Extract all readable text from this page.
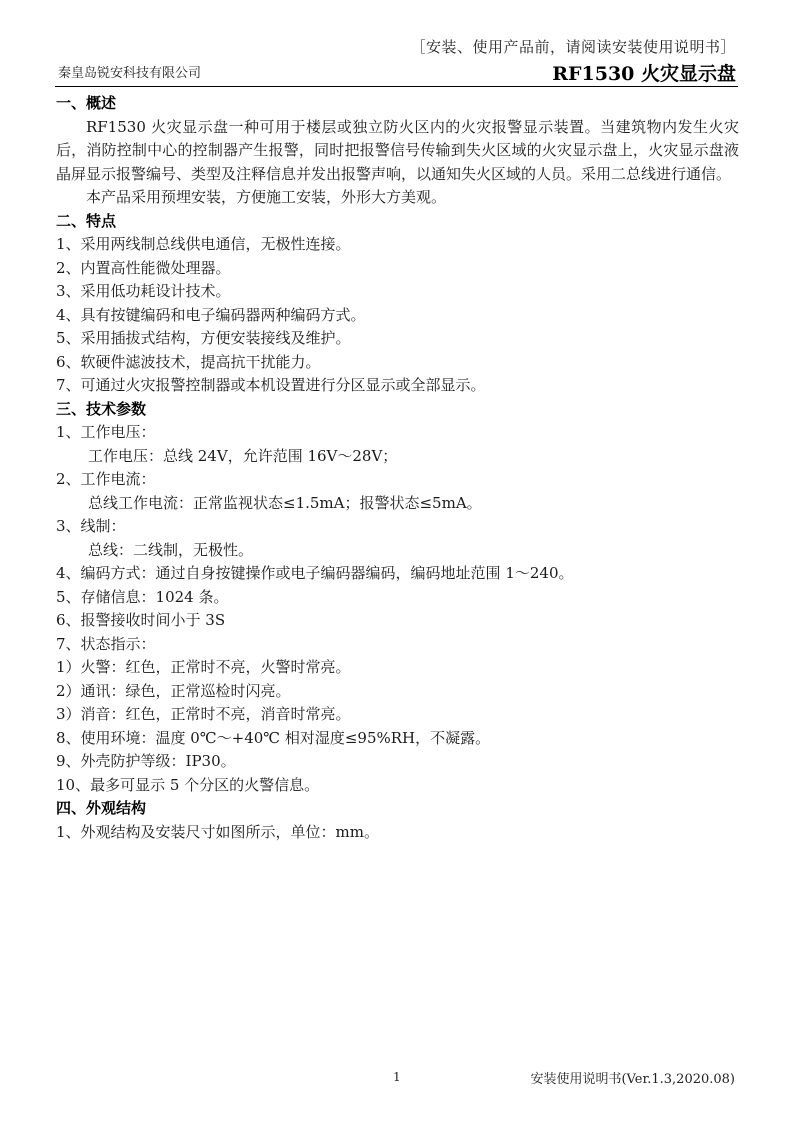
［安装、使用产品前，请阅读安装使用说明书］
秦皇岛锐安科技有限公司	RF1530 火灾显示盘
一、概述
RF1530 火灾显示盘一种可用于楼层或独立防火区内的火灾报警显示装置。当建筑物内发生火灾后，消防控制中心的控制器产生报警，同时把报警信号传输到失火区域的火灾显示盘上，火灾显示盘液晶屏显示报警编号、类型及注释信息并发出报警声响，以通知失火区域的人员。采用二总线进行通信。
本产品采用预埋安装，方便施工安装，外形大方美观。
二、特点
1、采用两线制总线供电通信，无极性连接。
2、内置高性能微处理器。
3、采用低功耗设计技术。
4、具有按键编码和电子编码器两种编码方式。
5、采用插拔式结构，方便安装接线及维护。
6、软硬件滤波技术，提高抗干扰能力。
7、可通过火灾报警控制器或本机设置进行分区显示或全部显示。
三、技术参数
1、工作电压：
工作电压：总线 24V，允许范围 16V～28V；
2、工作电流：
总线工作电流：正常监视状态≤1.5mA；报警状态≤5mA。
3、线制：
总线：二线制，无极性。
4、编码方式：通过自身按键操作或电子编码器编码，编码地址范围 1～240。
5、存储信息：1024 条。
6、报警接收时间小于 3S
7、状态指示：
1）火警：红色，正常时不亮，火警时常亮。
2）通讯：绿色，正常巡检时闪亮。
3）消音：红色，正常时不亮，消音时常亮。
8、使用环境：温度 0℃～+40℃ 相对湿度≤95%RH，不凝露。
9、外壳防护等级：IP30。
10、最多可显示 5 个分区的火警信息。
四、外观结构
1、外观结构及安装尺寸如图所示，单位：mm。
1	安装使用说明书(Ver.1.3,2020.08)
